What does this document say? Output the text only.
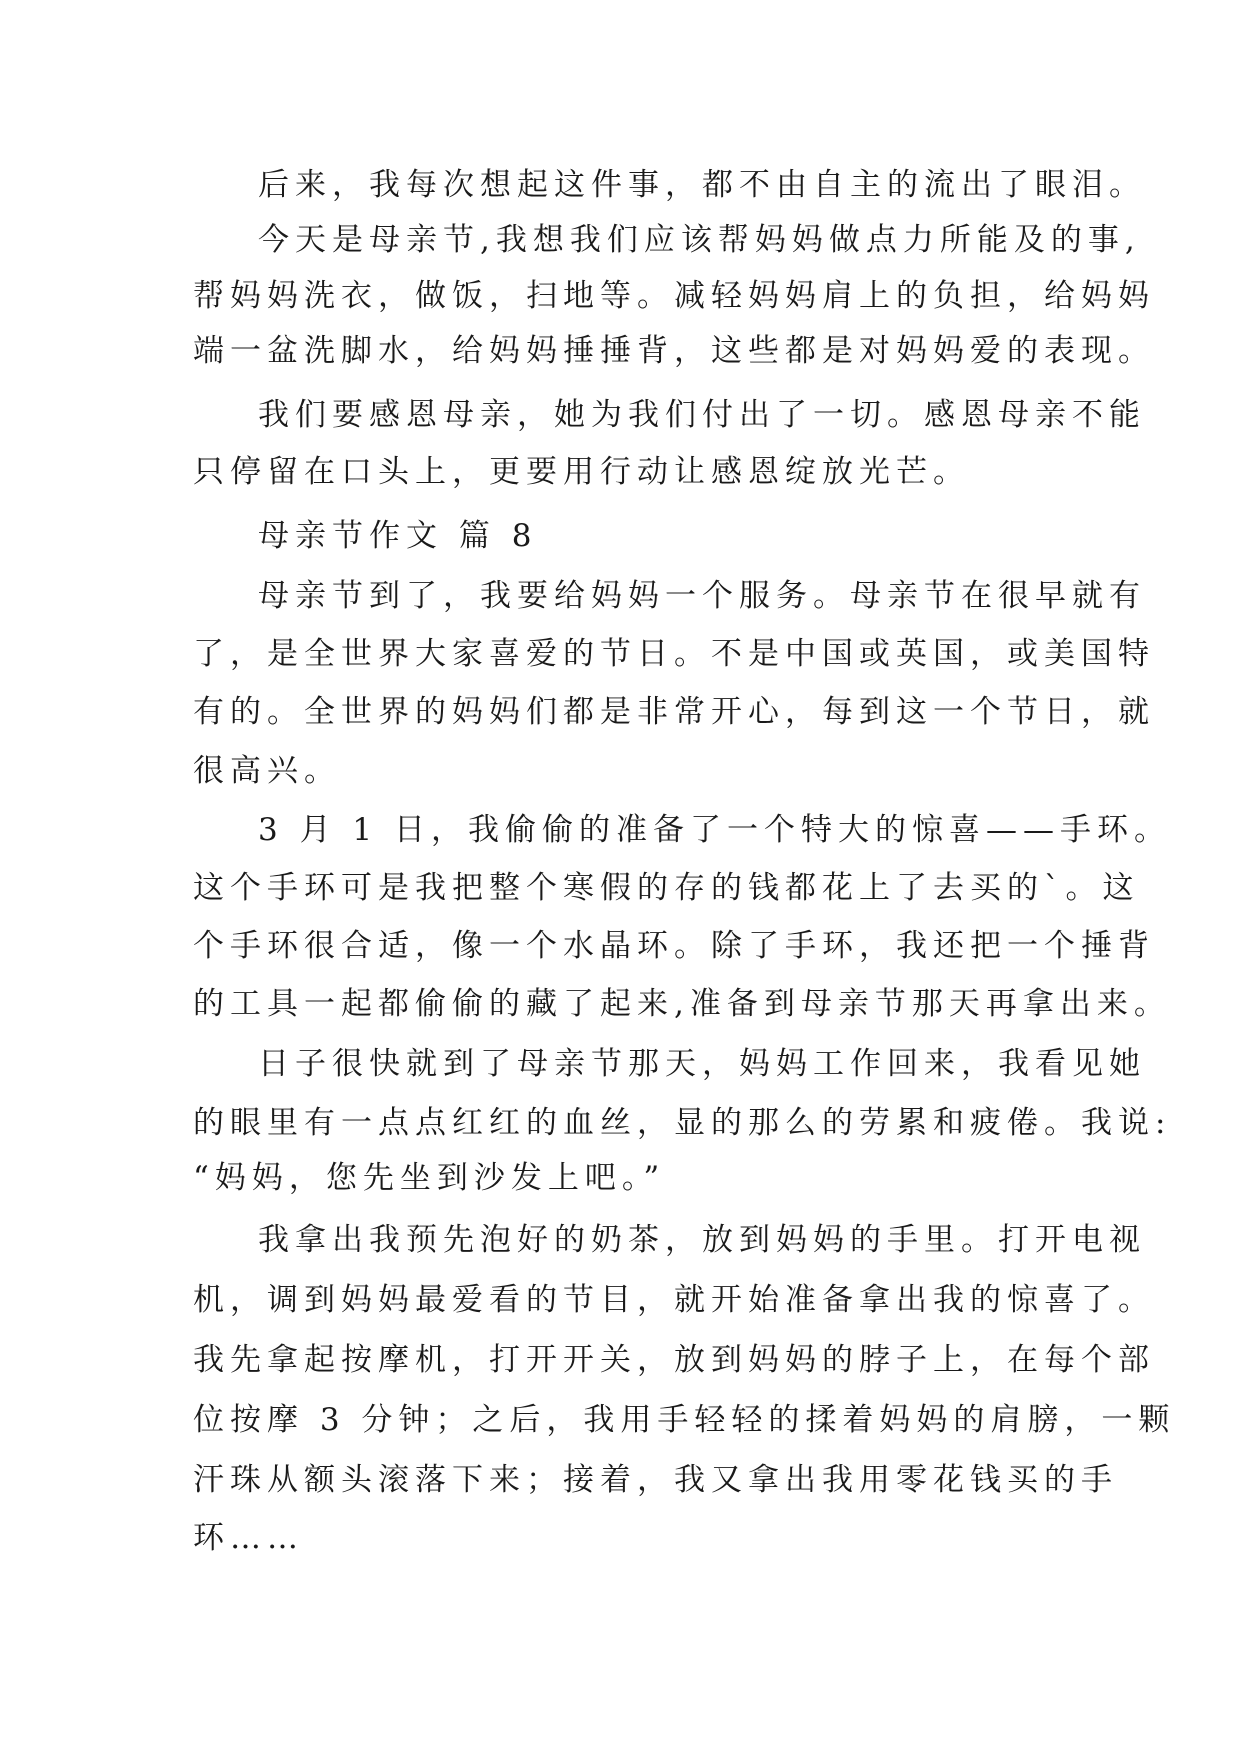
后来，我每次想起这件事，都不由自主的流出了眼泪。
今天是母亲节,我想我们应该帮妈妈做点力所能及的事,
帮妈妈洗衣，做饭，扫地等。减轻妈妈肩上的负担，给妈妈
端一盆洗脚水，给妈妈捶捶背，这些都是对妈妈爱的表现。
我们要感恩母亲，她为我们付出了一切。感恩母亲不能
只停留在口头上，更要用行动让感恩绽放光芒。
母亲节作文 篇 8
母亲节到了，我要给妈妈一个服务。母亲节在很早就有
了，是全世界大家喜爱的节日。不是中国或英国，或美国特
有的。全世界的妈妈们都是非常开心，每到这一个节日，就
很高兴。
3 月 1 日，我偷偷的准备了一个特大的惊喜——手环。
这个手环可是我把整个寒假的存的钱都花上了去买的`。这
个手环很合适，像一个水晶环。除了手环，我还把一个捶背
的工具一起都偷偷的藏了起来,准备到母亲节那天再拿出来。
日子很快就到了母亲节那天，妈妈工作回来，我看见她
的眼里有一点点红红的血丝，显的那么的劳累和疲倦。我说:
“妈妈，您先坐到沙发上吧。”
我拿出我预先泡好的奶茶，放到妈妈的手里。打开电视
机，调到妈妈最爱看的节目，就开始准备拿出我的惊喜了。
我先拿起按摩机，打开开关，放到妈妈的脖子上，在每个部
位按摩 3 分钟；之后，我用手轻轻的揉着妈妈的肩膀，一颗
汗珠从额头滚落下来；接着，我又拿出我用零花钱买的手
环……
